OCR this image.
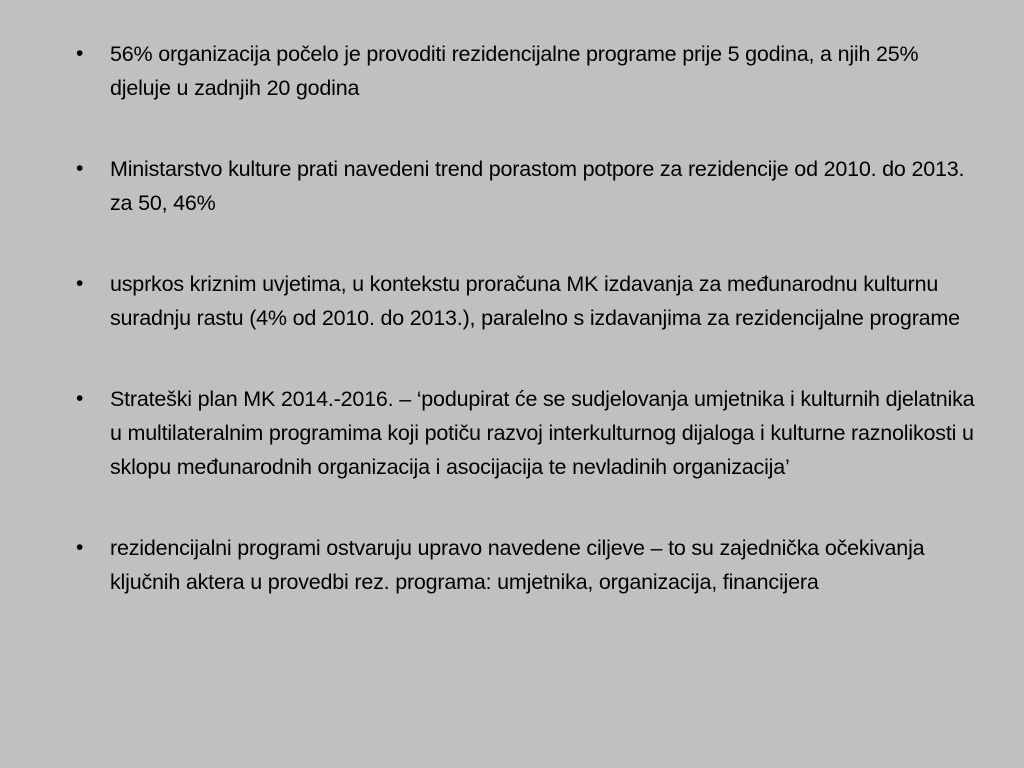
•	56% organizacija počelo je provoditi rezidencijalne programe prije 5 godina, a njih 25% djeluje u zadnjih 20 godina
•	Ministarstvo kulture prati navedeni trend porastom potpore za rezidencije od 2010. do 2013. za 50, 46%
•	usprkos kriznim uvjetima, u kontekstu proračuna MK izdavanja za međunarodnu kulturnu suradnju rastu (4% od 2010. do 2013.), paralelno s izdavanjima za rezidencijalne programe
•	Strateški plan MK 2014.-2016. – ‘podupirat će se sudjelovanja umjetnika i kulturnih djelatnika u multilateralnim programima koji potiču razvoj interkulturnog dijaloga i kulturne raznolikosti u sklopu međunarodnih organizacija i asocijacija te nevladinih organizacija’
•	rezidencijalni programi ostvaruju upravo navedene ciljeve – to su zajednička očekivanja ključnih aktera u provedbi rez. programa: umjetnika, organizacija, financijera
